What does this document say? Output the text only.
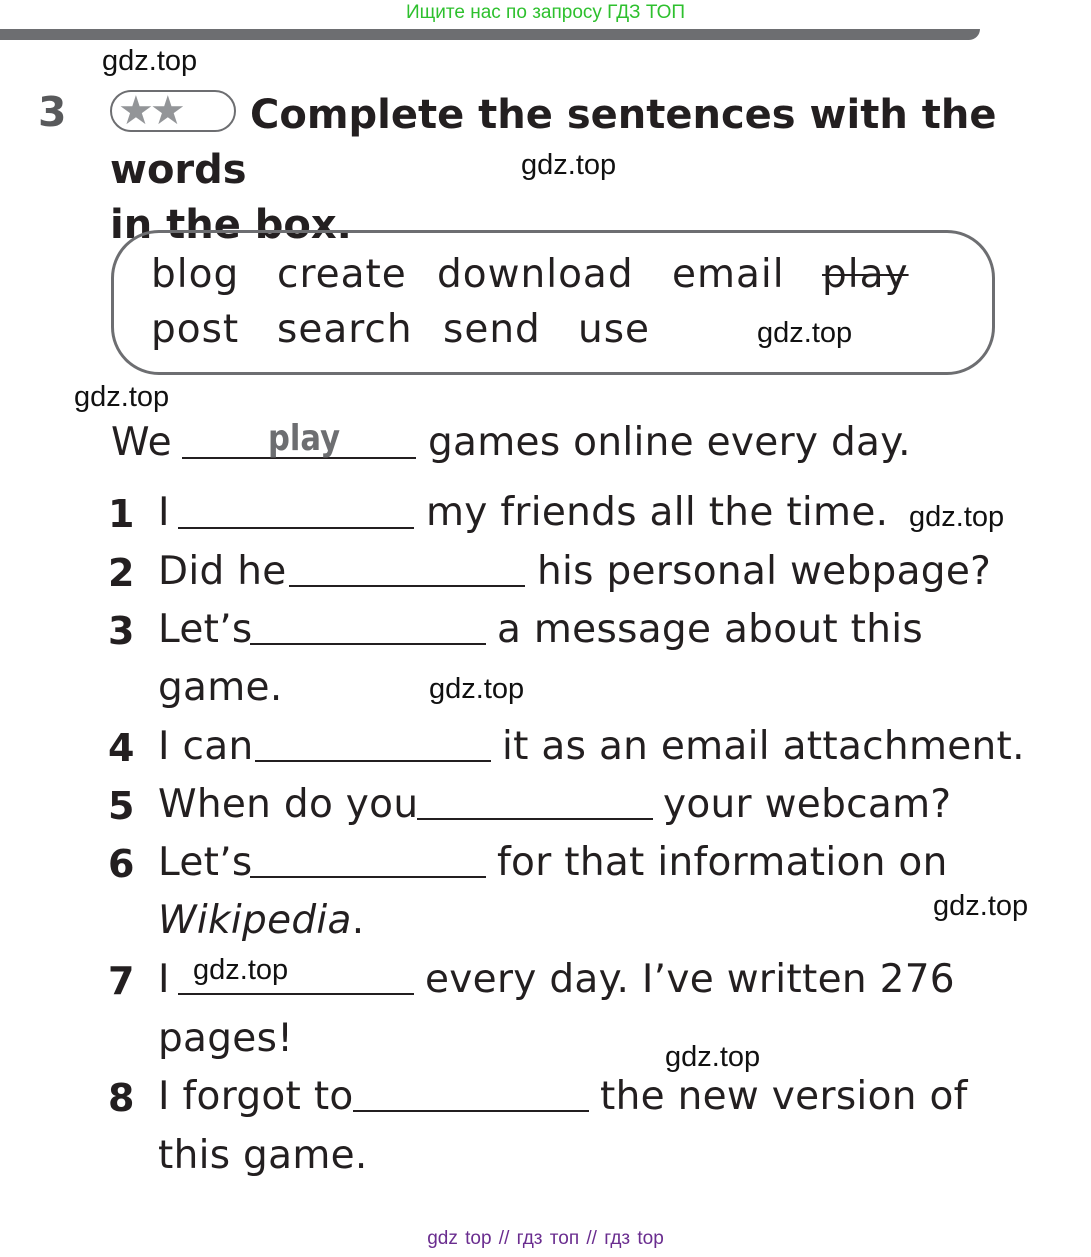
Ищите нас по запросу ГДЗ ТОП
gdz.top
gdz.top
gdz.top
gdz.top
gdz.top
gdz.top
gdz.top
gdz.top
gdz.top
3 ★★	Complete the sentences with the words
in the box.
blog create download email play
post search send use
We	play games online every day.
1 I	my friends all the time.
2 Did he	his personal webpage?
3 Let’s	a message about this
game.
4 I can	it as an email attachment.
5 When do you	your webcam?
6 Let’s	for that information on
Wikipedia.
7 I	every day. I’ve written 276
pages!
8 I forgot to	the new version of
this game.
gdz top // гдз топ // гдз top
